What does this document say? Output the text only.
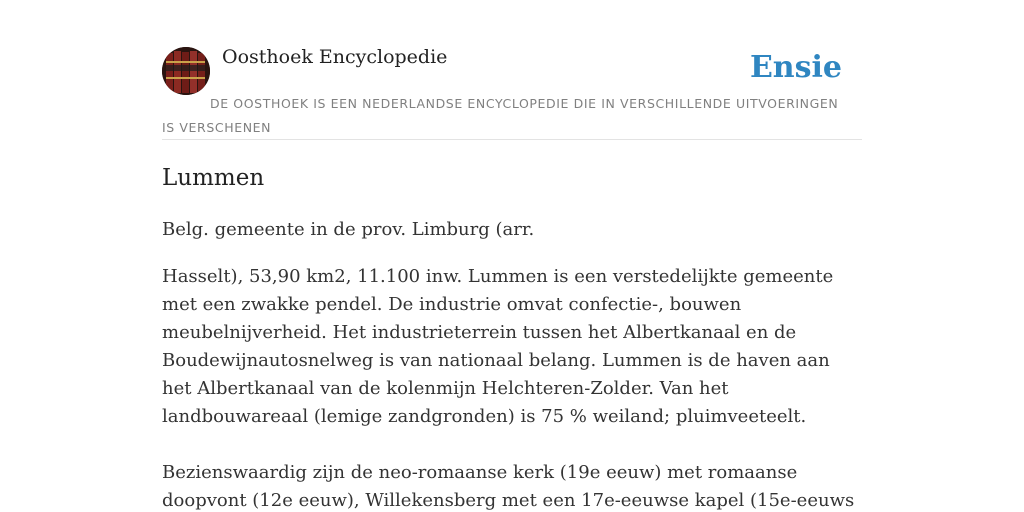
Oosthoek Encyclopedie	Ensie
DE OOSTHOEK IS EEN NEDERLANDSE ENCYCLOPEDIE DIE IN VERSCHILLENDE UITVOERINGEN IS VERSCHENEN
Lummen

Belg. gemeente in de prov. Limburg (arr.

Hasselt), 53,90 km2, 11.100 inw. Lummen is een verstedelijkte gemeente met een zwakke pendel. De industrie omvat confectie-, bouwen meubelnijverheid. Het industrieterrein tussen het Albertkanaal en de Boudewijnautosnelweg is van nationaal belang. Lummen is de haven aan het Albertkanaal van de kolenmijn Helchteren-Zolder. Van het landbouwareaal (lemige zandgronden) is 75 % weiland; pluimveeteelt.

Bezienswaardig zijn de neo-romaanse kerk (19e eeuw) met romaanse doopvont (12e eeuw), Willekensberg met een 17e-eeuwse kapel (15e-eeuws
